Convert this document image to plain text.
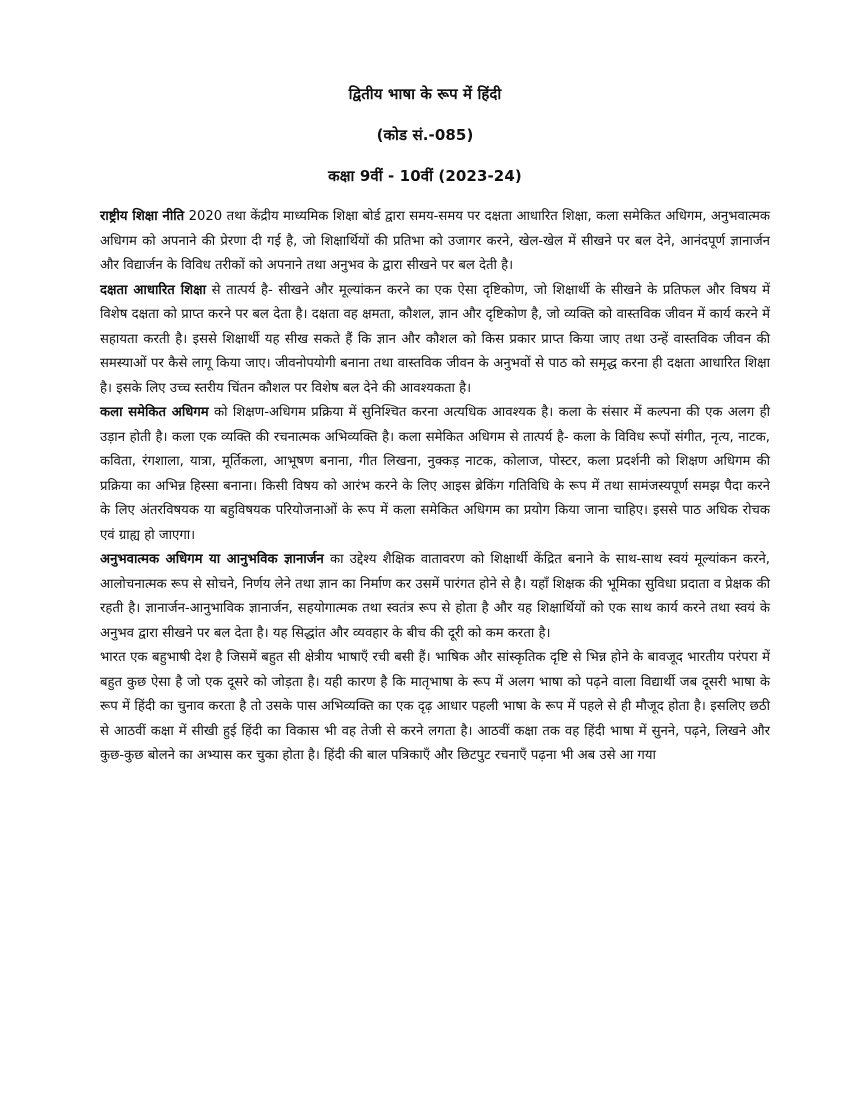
द्वितीय भाषा के रूप में हिंदी
(कोड सं.-085)
कक्षा 9वीं - 10वीं (2023-24)

राष्ट्रीय शिक्षा नीति 2020 तथा केंद्रीय माध्यमिक शिक्षा बोर्ड द्वारा समय-समय पर दक्षता आधारित शिक्षा, कला समेकित अधिगम, अनुभवात्मक अधिगम को अपनाने की प्रेरणा दी गई है, जो शिक्षार्थियों की प्रतिभा को उजागर करने, खेल-खेल में सीखने पर बल देने, आनंदपूर्ण ज्ञानार्जन और विद्यार्जन के विविध तरीकों को अपनाने तथा अनुभव के द्वारा सीखने पर बल देती है।

दक्षता आधारित शिक्षा से तात्पर्य है- सीखने और मूल्यांकन करने का एक ऐसा दृष्टिकोण, जो शिक्षार्थी के सीखने के प्रतिफल और विषय में विशेष दक्षता को प्राप्त करने पर बल देता है। दक्षता वह क्षमता, कौशल, ज्ञान और दृष्टिकोण है, जो व्यक्ति को वास्तविक जीवन में कार्य करने में सहायता करती है। इससे शिक्षार्थी यह सीख सकते हैं कि ज्ञान और कौशल को किस प्रकार प्राप्त किया जाए तथा उन्हें वास्तविक जीवन की समस्याओं पर कैसे लागू किया जाए। जीवनोपयोगी बनाना तथा वास्तविक जीवन के अनुभवों से पाठ को समृद्ध करना ही दक्षता आधारित शिक्षा है। इसके लिए उच्च स्तरीय चिंतन कौशल पर विशेष बल देने की आवश्यकता है।

कला समेकित अधिगम को शिक्षण-अधिगम प्रक्रिया में सुनिश्चित करना अत्यधिक आवश्यक है। कला के संसार में कल्पना की एक अलग ही उड़ान होती है। कला एक व्यक्ति की रचनात्मक अभिव्यक्ति है। कला समेकित अधिगम से तात्पर्य है- कला के विविध रूपों संगीत, नृत्य, नाटक, कविता, रंगशाला, यात्रा, मूर्तिकला, आभूषण बनाना, गीत लिखना, नुक्कड़ नाटक, कोलाज, पोस्टर, कला प्रदर्शनी को शिक्षण अधिगम की प्रक्रिया का अभिन्न हिस्सा बनाना। किसी विषय को आरंभ करने के लिए आइस ब्रेकिंग गतिविधि के रूप में तथा सामंजस्यपूर्ण समझ पैदा करने के लिए अंतरविषयक या बहुविषयक परियोजनाओं के रूप में कला समेकित अधिगम का प्रयोग किया जाना चाहिए। इससे पाठ अधिक रोचक एवं ग्राह्य हो जाएगा।

अनुभवात्मक अधिगम या आनुभविक ज्ञानार्जन का उद्देश्य शैक्षिक वातावरण को शिक्षार्थी केंद्रित बनाने के साथ-साथ स्वयं मूल्यांकन करने, आलोचनात्मक रूप से सोचने, निर्णय लेने तथा ज्ञान का निर्माण कर उसमें पारंगत होने से है। यहाँ शिक्षक की भूमिका सुविधा प्रदाता व प्रेक्षक की रहती है। ज्ञानार्जन-आनुभाविक ज्ञानार्जन, सहयोगात्मक तथा स्वतंत्र रूप से होता है और यह शिक्षार्थियों को एक साथ कार्य करने तथा स्वयं के अनुभव द्वारा सीखने पर बल देता है। यह सिद्धांत और व्यवहार के बीच की दूरी को कम करता है।

भारत एक बहुभाषी देश है जिसमें बहुत सी क्षेत्रीय भाषाएँ रची बसी हैं। भाषिक और सांस्कृतिक दृष्टि से भिन्न होने के बावजूद भारतीय परंपरा में बहुत कुछ ऐसा है जो एक दूसरे को जोड़ता है। यही कारण है कि मातृभाषा के रूप में अलग भाषा को पढ़ने वाला विद्यार्थी जब दूसरी भाषा के रूप में हिंदी का चुनाव करता है तो उसके पास अभिव्यक्ति का एक दृढ़ आधार पहली भाषा के रूप में पहले से ही मौजूद होता है। इसलिए छठी से आठवीं कक्षा में सीखी हुई हिंदी का विकास भी वह तेजी से करने लगता है। आठवीं कक्षा तक वह हिंदी भाषा में सुनने, पढ़ने, लिखने और कुछ-कुछ बोलने का अभ्यास कर चुका होता है। हिंदी की बाल पत्रिकाएँ और छिटपुट रचनाएँ पढ़ना भी अब उसे आ गया
